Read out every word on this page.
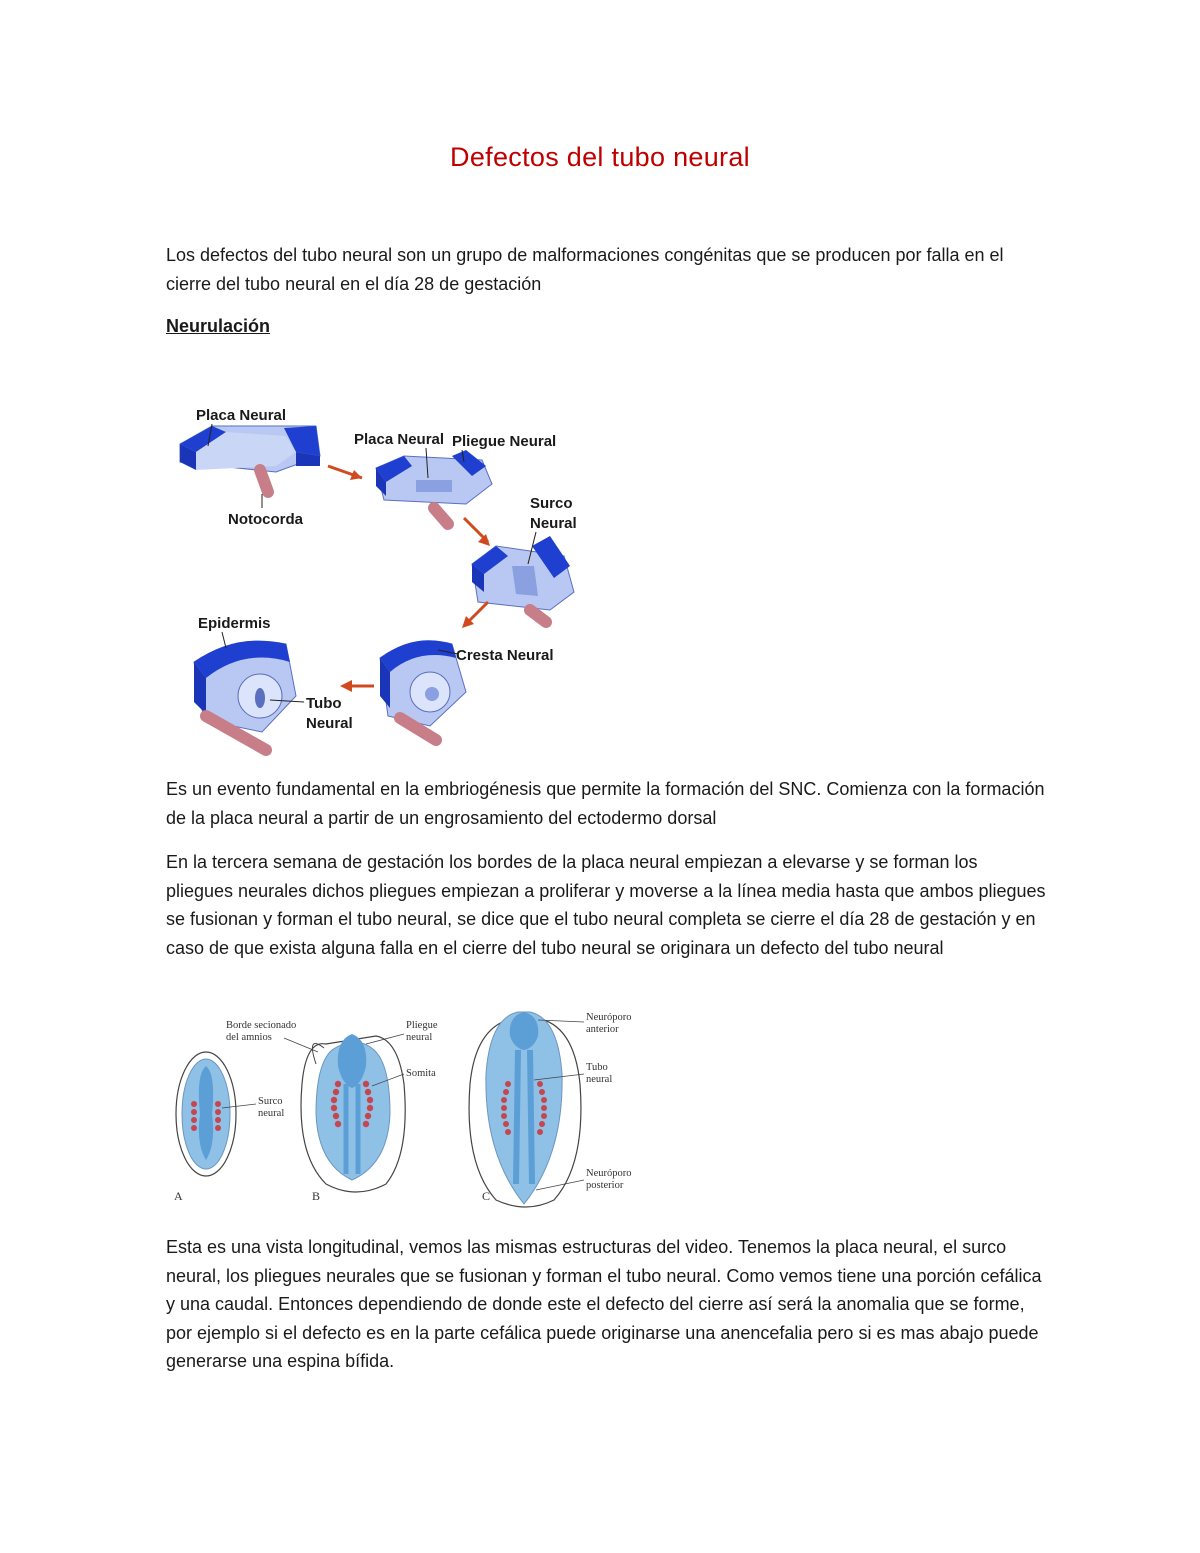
Defectos del tubo neural

Los defectos del tubo neural son un grupo de malformaciones congénitas que se producen por falla en el cierre del tubo neural en el día 28 de gestación

Neurulación

Placa Neural
Notocorda
Placa Neural Pliegue Neural
Surco
Neural
Cresta Neural
Epidermis
Tubo
Neural

Es un evento fundamental en la embriogénesis que permite la formación del SNC. Comienza con la formación de la placa neural a partir de un engrosamiento del ectodermo dorsal

En la tercera semana de gestación los bordes de la placa neural empiezan a elevarse y se forman los pliegues neurales dichos pliegues empiezan a proliferar y moverse a la línea media hasta que ambos pliegues se fusionan y forman el tubo neural, se dice que el tubo neural completa se cierre el día 28 de gestación y en caso de que exista alguna falla en el cierre del tubo neural se originara un defecto del tubo neural

Surco
neural
A
Borde secionado
del amnios
Pliegue
neural
Somita
B
Neuróporo
anterior
Tubo
neural
Neuróporo
posterior
C

Esta es una vista longitudinal, vemos las mismas estructuras del video. Tenemos la placa neural, el surco neural, los pliegues neurales que se fusionan y forman el tubo neural. Como vemos tiene una porción cefálica y una caudal. Entonces dependiendo de donde este el defecto del cierre así será la anomalia que se forme, por ejemplo si el defecto es en la parte cefálica puede originarse una anencefalia pero si es mas abajo puede generarse una espina bífida.
